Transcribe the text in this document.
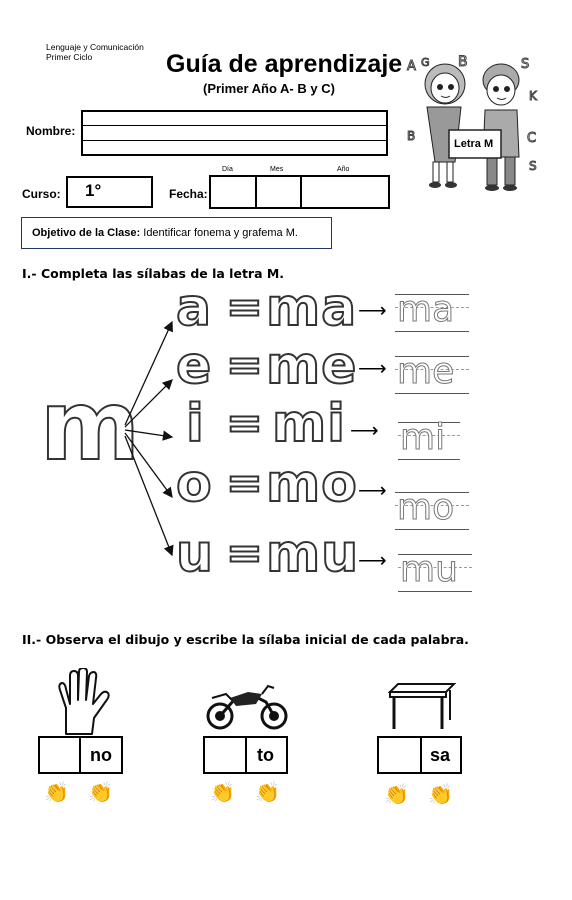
Lenguaje y Comunicación
Primer Ciclo	Guía de aprendizaje
(Primer Año A- B y C)
Nombre:
Curso: 1°	Fecha:
Día	Mes	Año
Objetivo de la Clase: Identificar fonema y grafema M.
A G B	S
K
C
B
S
Letra M
I.- Completa las sílabas de la letra M.
m
a = ma ⟶ ma
e = me ⟶ me
i = mi ⟶ mi
o = mo ⟶ mo
u = mu
⟶ mu
II.- Observa el dibujo y escribe la sílaba inicial de cada palabra.
no	to	sa
👏 👏	👏 👏	👏 👏
